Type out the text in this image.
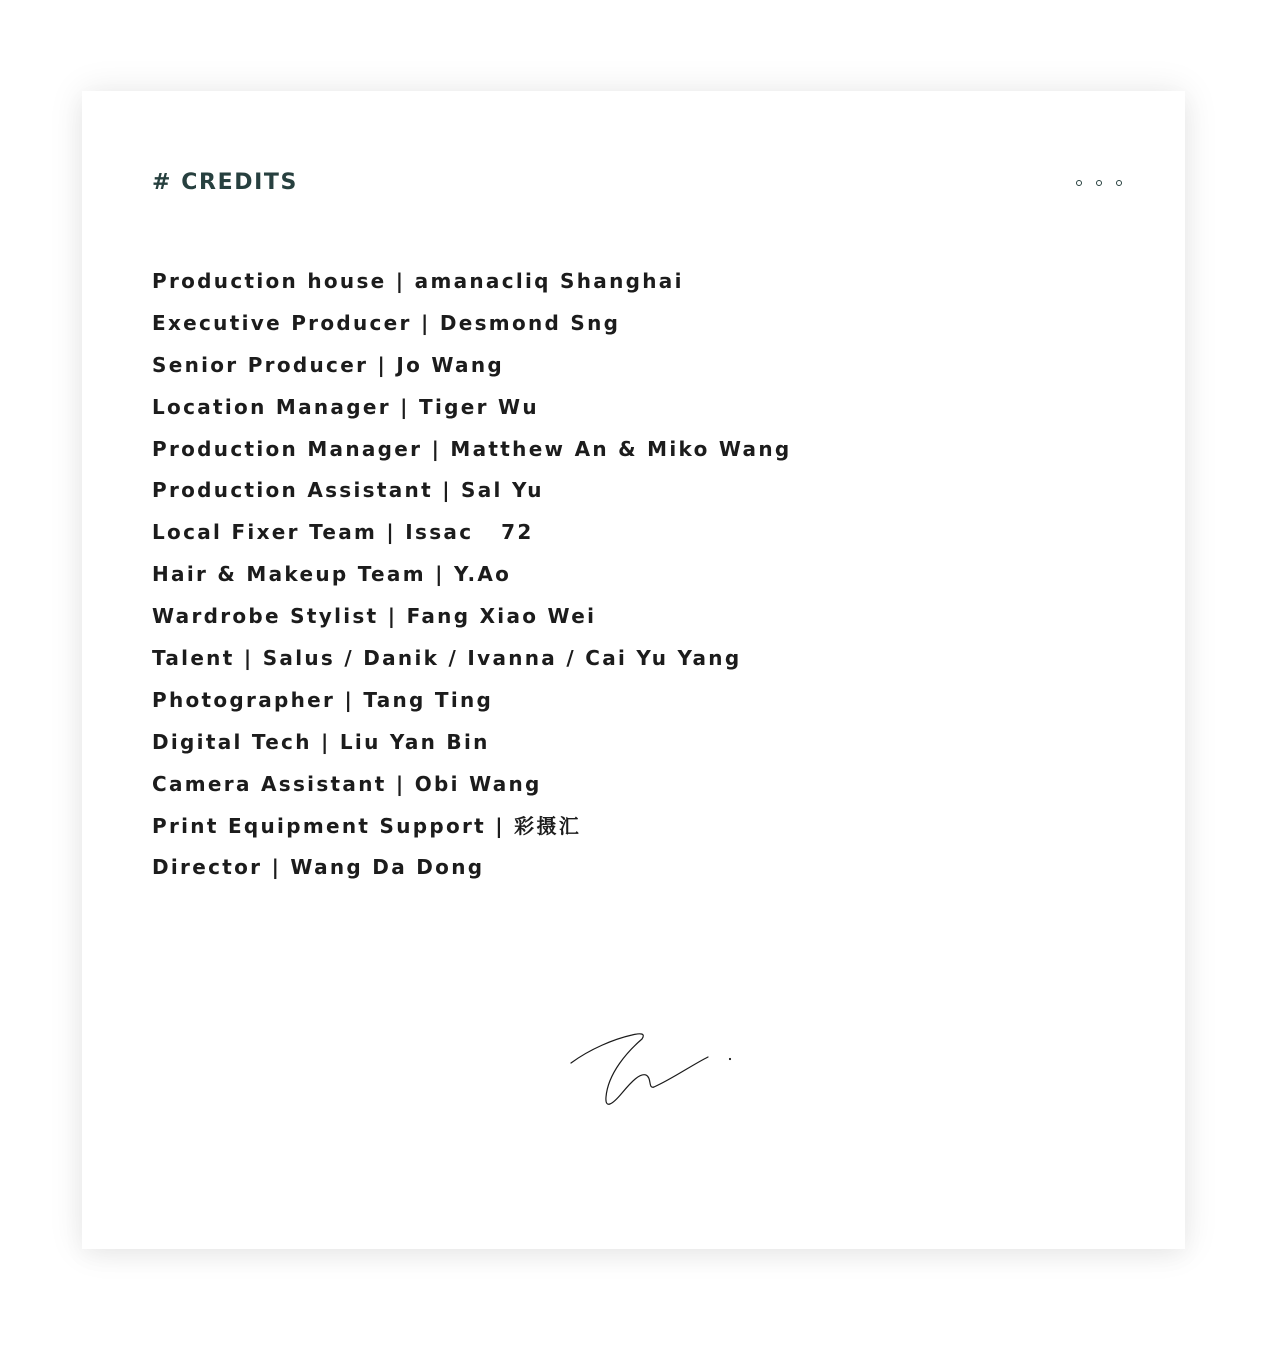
# CREDITS
Production house | amanacliq Shanghai
Executive Producer | Desmond Sng
Senior Producer | Jo Wang
Location Manager | Tiger Wu
Production Manager | Matthew An & Miko Wang
Production Assistant | Sal Yu
Local Fixer Team | Issac   72
Hair & Makeup Team | Y.Ao
Wardrobe Stylist | Fang Xiao Wei
Talent | Salus / Danik / Ivanna / Cai Yu Yang
Photographer | Tang Ting
Digital Tech | Liu Yan Bin
Camera Assistant | Obi Wang
Print Equipment Support | 彩摄汇
Director | Wang Da Dong
